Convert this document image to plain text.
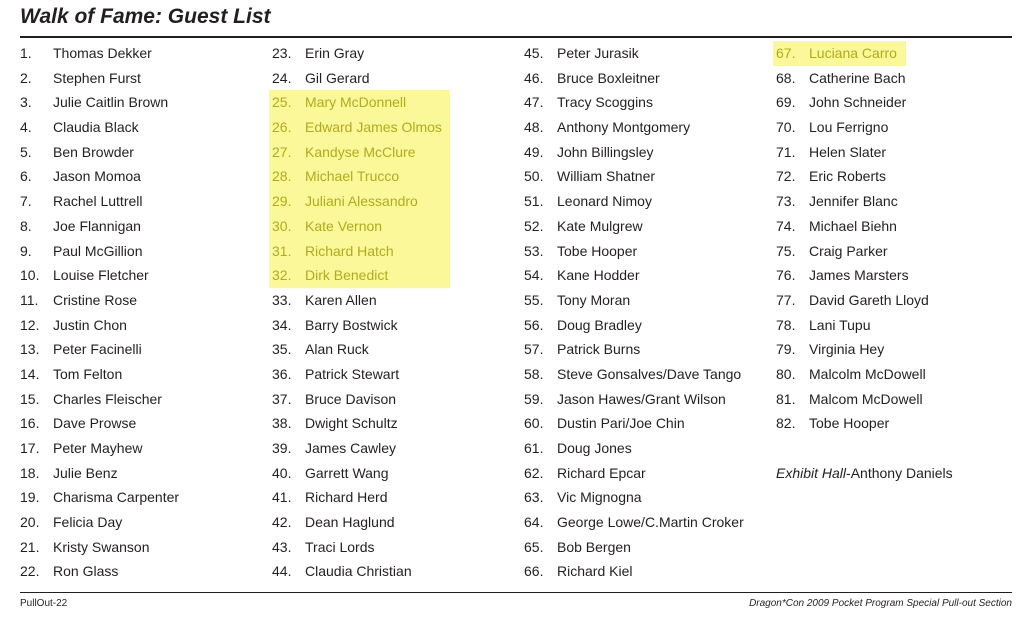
Walk of Fame: Guest List
1. Thomas Dekker
2. Stephen Furst
3. Julie Caitlin Brown
4. Claudia Black
5. Ben Browder
6. Jason Momoa
7. Rachel Luttrell
8. Joe Flannigan
9. Paul McGillion
10. Louise Fletcher
11. Cristine Rose
12. Justin Chon
13. Peter Facinelli
14. Tom Felton
15. Charles Fleischer
16. Dave Prowse
17. Peter Mayhew
18. Julie Benz
19. Charisma Carpenter
20. Felicia Day
21. Kristy Swanson
22. Ron Glass
23. Erin Gray
24. Gil Gerard
25. Mary McDonnell
26. Edward James Olmos
27. Kandyse McClure
28. Michael Trucco
29. Juliani Alessandro
30. Kate Vernon
31. Richard Hatch
32. Dirk Benedict
33. Karen Allen
34. Barry Bostwick
35. Alan Ruck
36. Patrick Stewart
37. Bruce Davison
38. Dwight Schultz
39. James Cawley
40. Garrett Wang
41. Richard Herd
42. Dean Haglund
43. Traci Lords
44. Claudia Christian
45. Peter Jurasik
46. Bruce Boxleitner
47. Tracy Scoggins
48. Anthony Montgomery
49. John Billingsley
50. William Shatner
51. Leonard Nimoy
52. Kate Mulgrew
53. Tobe Hooper
54. Kane Hodder
55. Tony Moran
56. Doug Bradley
57. Patrick Burns
58. Steve Gonsalves/Dave Tango
59. Jason Hawes/Grant Wilson
60. Dustin Pari/Joe Chin
61. Doug Jones
62. Richard Epcar
63. Vic Mignogna
64. George Lowe/C.Martin Croker
65. Bob Bergen
66. Richard Kiel
67. Luciana Carro
68. Catherine Bach
69. John Schneider
70. Lou Ferrigno
71. Helen Slater
72. Eric Roberts
73. Jennifer Blanc
74. Michael Biehn
75. Craig Parker
76. James Marsters
77. David Gareth Lloyd
78. Lani Tupu
79. Virginia Hey
80. Malcolm McDowell
81. Malcom McDowell
82. Tobe Hooper
Exhibit Hall-Anthony Daniels
PullOut-22	Dragon*Con 2009 Pocket Program Special Pull-out Section
